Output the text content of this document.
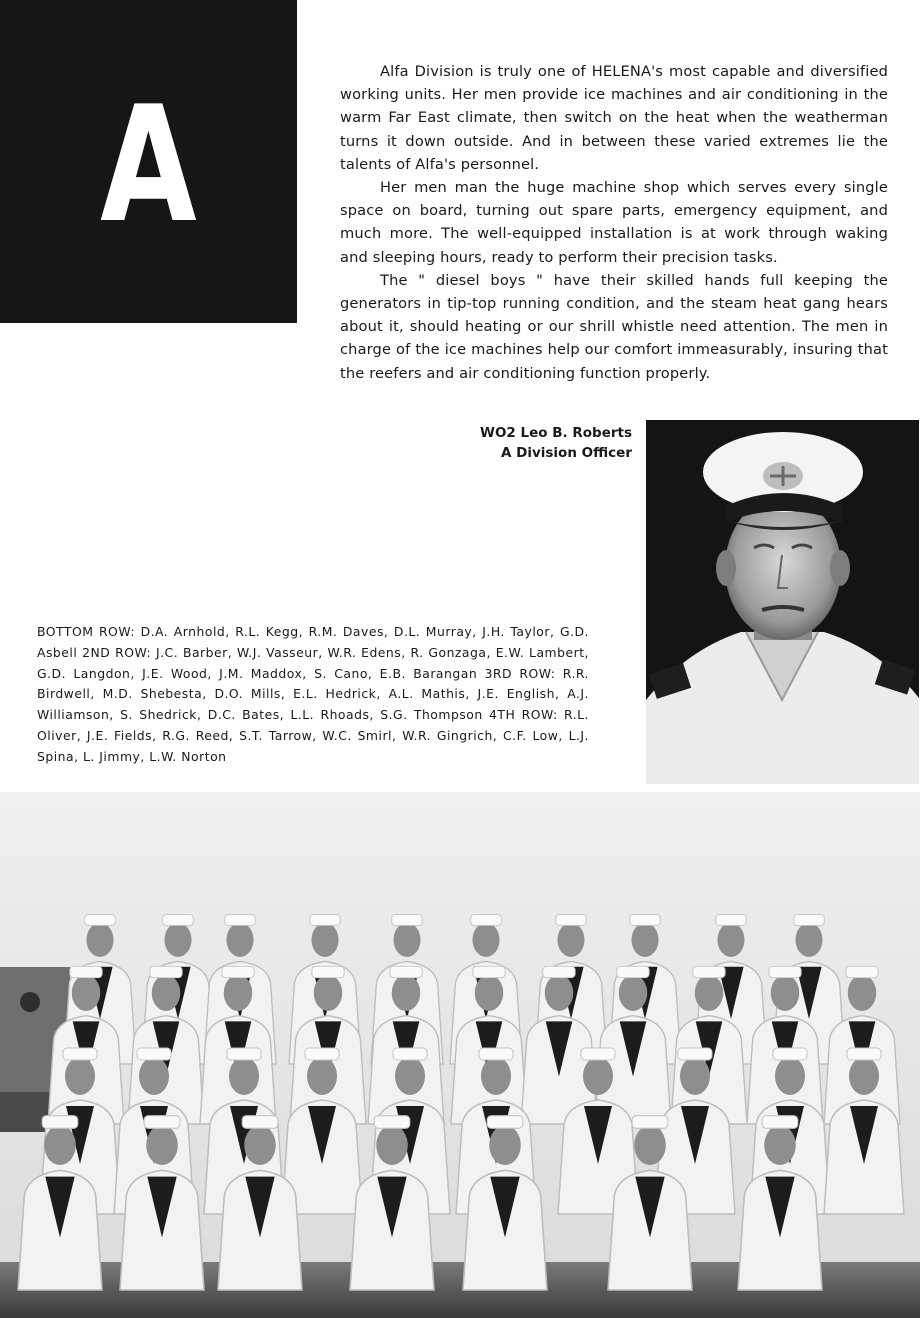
A	Alfa Division is truly one of HELENA's most capable and diversified working units. Her men provide ice machines and air conditioning in the warm Far East climate, then switch on the heat when the weatherman turns it down outside. And in between these varied extremes lie the talents of Alfa's personnel.

Her men man the huge machine shop which serves every single space on board, turning out spare parts, emergency equipment, and much more. The well-equipped installation is at work through waking and sleeping hours, ready to perform their precision tasks.

The " diesel boys " have their skilled hands full keeping the generators in tip-top running condition, and the steam heat gang hears about it, should heating or our shrill whistle need attention. The men in charge of the ice machines help our comfort immeasurably, insuring that the reefers and air conditioning function properly.

WO2 Leo B. Roberts
A Division Officer
BOTTOM ROW: D.A. Arnhold, R.L. Kegg, R.M. Daves, D.L. Murray, J.H. Taylor, G.D. Asbell 2ND ROW: J.C. Barber, W.J. Vasseur, W.R. Edens, R. Gonzaga, E.W. Lambert, G.D. Langdon, J.E. Wood, J.M. Maddox, S. Cano, E.B. Barangan 3RD ROW: R.R. Birdwell, M.D. Shebesta, D.O. Mills, E.L. Hedrick, A.L. Mathis, J.E. English, A.J. Williamson, S. Shedrick, D.C. Bates, L.L. Rhoads, S.G. Thompson 4TH ROW: R.L. Oliver, J.E. Fields, R.G. Reed, S.T. Tarrow, W.C. Smirl, W.R. Gingrich, C.F. Low, L.J. Spina, L. Jimmy, L.W. Norton
